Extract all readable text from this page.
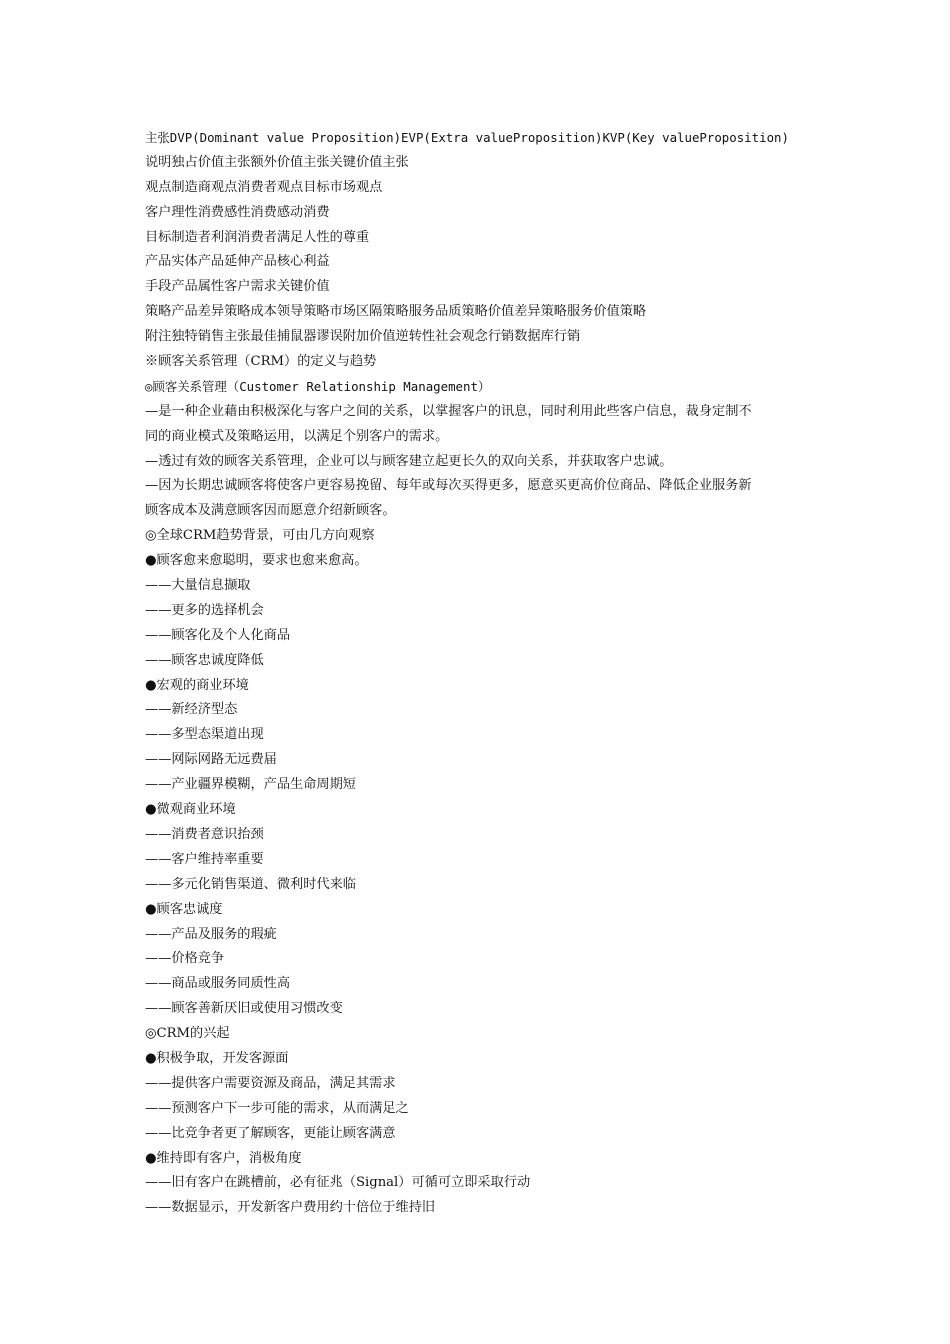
主张DVP(Dominant value Proposition)EVP(Extra valueProposition)KVP(Key valueProposition)
说明独占价值主张额外价值主张关键价值主张
观点制造商观点消费者观点目标市场观点
客户理性消费感性消费感动消费
目标制造者利润消费者满足人性的尊重
产品实体产品延伸产品核心利益
手段产品属性客户需求关键价值
策略产品差异策略成本领导策略市场区隔策略服务品质策略价值差异策略服务价值策略
附注独特销售主张最佳捕鼠器谬误附加价值逆转性社会观念行销数据库行销
※顾客关系管理（CRM）的定义与趋势
◎顾客关系管理（Customer Relationship Management）
—是一种企业藉由积极深化与客户之间的关系，以掌握客户的讯息，同时利用此些客户信息，裁身定制不
同的商业模式及策略运用，以满足个别客户的需求。
—透过有效的顾客关系管理，企业可以与顾客建立起更长久的双向关系，并获取客户忠诚。
—因为长期忠诚顾客将使客户更容易挽留、每年或每次买得更多，愿意买更高价位商品、降低企业服务新
顾客成本及满意顾客因而愿意介绍新顾客。
◎全球CRM趋势背景，可由几方向观察
●顾客愈来愈聪明，要求也愈来愈高。
——大量信息撷取
——更多的选择机会
——顾客化及个人化商品
——顾客忠诚度降低
●宏观的商业环境
——新经济型态
——多型态渠道出现
——网际网路无远费届
——产业疆界模糊，产品生命周期短
●微观商业环境
——消费者意识抬颈
——客户维持率重要
——多元化销售渠道、微利时代来临
●顾客忠诚度
——产品及服务的瑕疵
——价格竞争
——商品或服务同质性高
——顾客善新厌旧或使用习惯改变
◎CRM的兴起
●积极争取，开发客源面
——提供客户需要资源及商品，满足其需求
——预测客户下一步可能的需求，从而满足之
——比竞争者更了解顾客，更能让顾客满意
●维持即有客户，消极角度
——旧有客户在跳槽前，必有征兆（Signal）可循可立即采取行动
——数据显示，开发新客户费用约十倍位于维持旧
